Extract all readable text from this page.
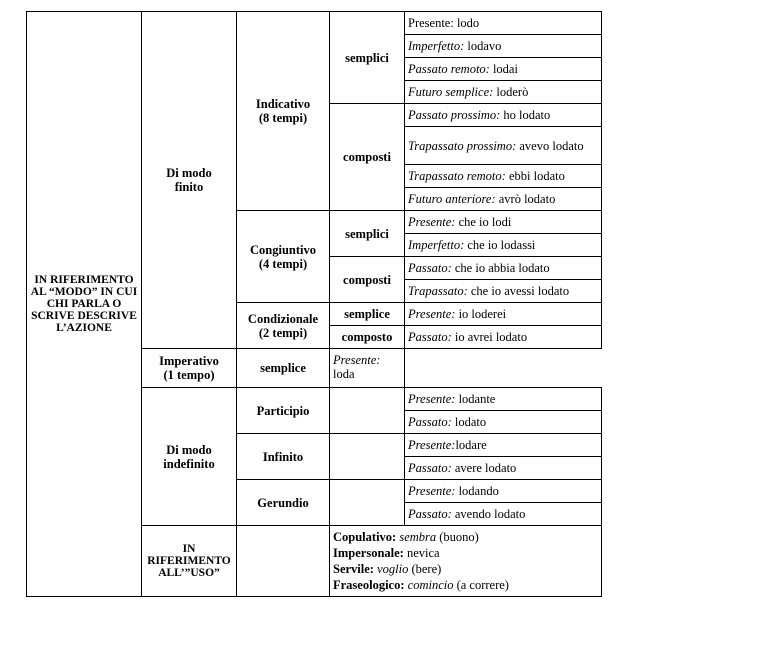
IN RIFERIMENTO AL “MODO” IN CUI CHI PARLA O SCRIVE DESCRIVE L’AZIONE	Di modo
finito	Indicativo
(8 tempi)	semplici	Presente: lodo
				Imperfetto: lodavo
				Passato remoto: lodai
				Futuro semplice: loderò
			composti	Passato prossimo: ho lodato
				Trapassato prossimo: avevo lodato
				Trapassato remoto: ebbi lodato
				Futuro anteriore: avrò lodato

		Congiuntivo
(4 tempi)	semplici	Presente: che io lodi
				Imperfetto: che io lodassi
			composti	Passato: che io abbia lodato
				Trapassato: che io avessi lodato

		Condizionale
(2 tempi)	semplice	Presente: io loderei
			composto	Passato: io avrei lodato

	Imperativo
(1 tempo)	semplice	Presente: loda	

	Di modo
indefinito	Participio		Presente: lodante
				Passato: lodato
		Infinito		Presente:lodare
				Passato: avere lodato
		Gerundio		Presente: lodando
				Passato: avendo lodato
	IN RIFERIMENTO ALL’”USO”		Copulativo: sembra (buono)
Impersonale: nevica
Servile: voglio (bere)
Fraseologico: comincio (a correre)	
